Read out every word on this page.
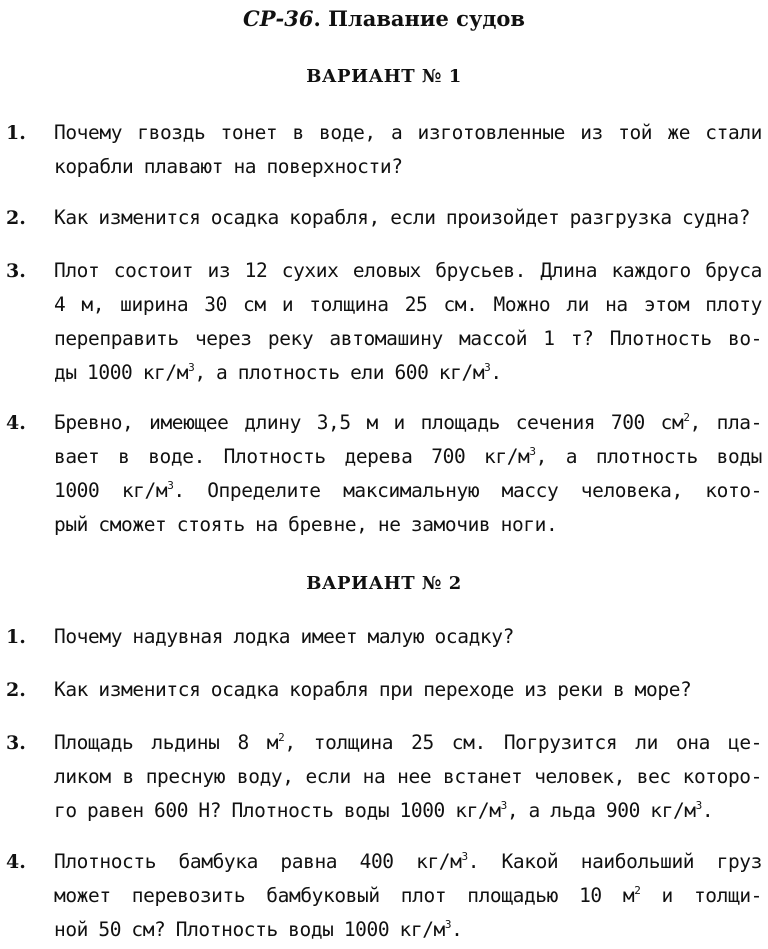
СР-36. Плавание судов
ВАРИАНТ № 1
1. Почему гвоздь тонет в воде, а изготовленные из той же стали
корабли плавают на поверхности?
2. Как изменится осадка корабля, если произойдет разгрузка судна?
3. Плот состоит из 12 сухих еловых брусьев. Длина каждого бруса
4 м, ширина 30 см и толщина 25 см. Можно ли на этом плоту
переправить через реку автомашину массой 1 т? Плотность во-
ды 1000 $кг/м^3$, а плотность ели 600 $кг/м^3$.
4. Бревно, имеющее длину 3,5 м и площадь сечения 700 $см^2$, пла-
вает в воде. Плотность дерева 700 $кг/м^3$, а плотность воды
1000 $кг/м^3$. Определите максимальную массу человека, кото-
рый сможет стоять на бревне, не замочив ноги.
ВАРИАНТ № 2
1. Почему надувная лодка имеет малую осадку?
2. Как изменится осадка корабля при переходе из реки в море?
3. Площадь льдины 8 $м^2$, толщина 25 см. Погрузится ли она це-
ликом в пресную воду, если на нее встанет человек, вес которо-
го равен 600 Н? Плотность воды 1000 $кг/м^3$, а льда 900 $кг/м^3$.
4. Плотность бамбука равна 400 $кг/м^3$. Какой наибольший груз
может перевозить бамбуковый плот площадью 10 $м^2$ и толщи-
ной 50 см? Плотность воды 1000 $кг/м^3$.
